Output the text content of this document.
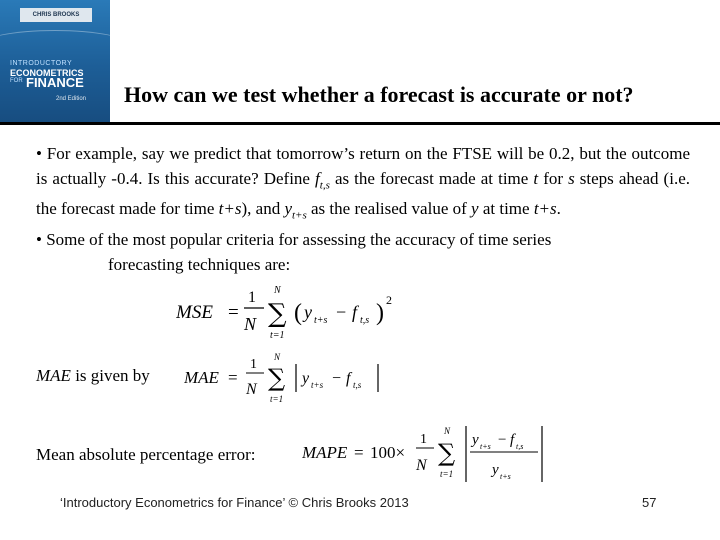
CHRIS BROOKS
INTRODUCTORY
ECONOMETRICS
FOR FINANCE
2nd Edition How can we test whether a forecast is accurate or not?

• For example, say we predict that tomorrow’s return on the FTSE will be 0.2, but the outcome is actually -0.4. Is this accurate? Define $f_{t,s}$ as the forecast made at time t for s steps ahead (i.e. the forecast made for time t+s), and $y_{t+s}$ as the realised value of y at time t+s.

• Some of the most popular criteria for assessing the accuracy of time series

forecasting techniques are:

MSE =
1
N
N
∑
t=1
( y t+s − f t,s ) 2
MAE is given by MAE =
1
N
N
∑
t=1
y t+s − f t,s
Mean absolute percentage error:	MAPE = 100×
1
N
N
∑
t=1
y t+s − f t,s
y t+s
‘Introductory Econometrics for Finance’ © Chris Brooks 2013	57
